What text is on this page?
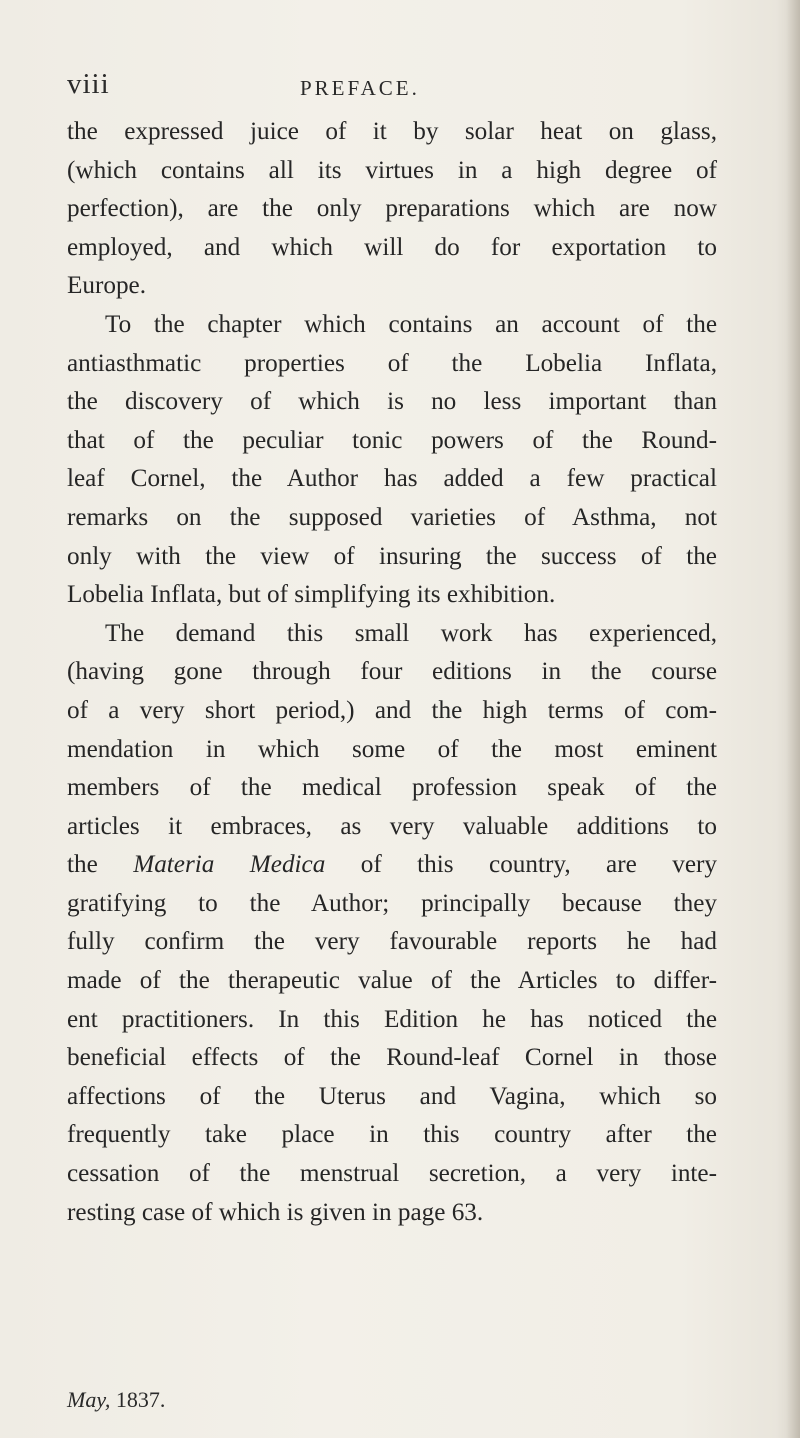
viii	PREFACE.
the expressed juice of it by solar heat on glass,
(which contains all its virtues in a high degree of
perfection), are the only preparations which are now
employed, and which will do for exportation to
Europe.
To the chapter which contains an account of the
antiasthmatic properties of the Lobelia Inflata,
the discovery of which is no less important than
that of the peculiar tonic powers of the Round-
leaf Cornel, the Author has added a few practical
remarks on the supposed varieties of Asthma, not
only with the view of insuring the success of the
Lobelia Inflata, but of simplifying its exhibition.
The demand this small work has experienced,
(having gone through four editions in the course
of a very short period,) and the high terms of com-
mendation in which some of the most eminent
members of the medical profession speak of the
articles it embraces, as very valuable additions to
the Materia Medica of this country, are very
gratifying to the Author; principally because they
fully confirm the very favourable reports he had
made of the therapeutic value of the Articles to differ-
ent practitioners. In this Edition he has noticed the
beneficial effects of the Round-leaf Cornel in those
affections of the Uterus and Vagina, which so
frequently take place in this country after the
cessation of the menstrual secretion, a very inte-
resting case of which is given in page 63.
May, 1837.
